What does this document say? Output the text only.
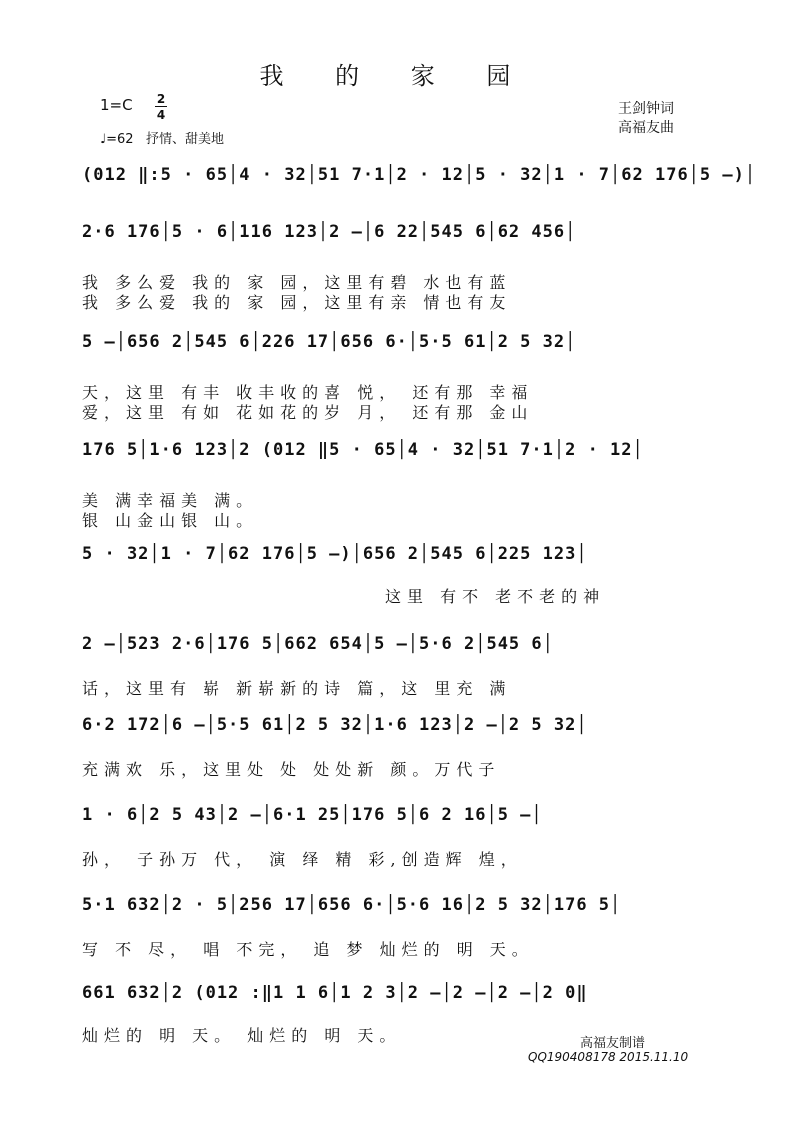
我 的 家 园
1=C 2
4
♩=62   抒情、甜美地
王剑钟词
高福友曲
(012 ‖:5 · 65│4 · 32│51 7·1│2 · 12│5 · 32│1 · 7│62 176│5 –)│
2·6 176│5 · 6│116 123│2 –│6 22│545 6│62 456│
我 多么爱 我的 家 园，这里有碧 水也有蓝
我 多么爱 我的 家 园，这里有亲 情也有友
5 –│656 2│545 6│226 17│656 6·│5·5 61│2 5 32│
天，这里 有丰 收丰收的喜 悦， 还有那 幸福
爱，这里 有如 花如花的岁 月， 还有那 金山
176 5│1·6 123│2 (012 ‖5 · 65│4 · 32│51 7·1│2 · 12│
美 满幸福美 满。
银 山金山银 山。
5 · 32│1 · 7│62 176│5 –)│656 2│545 6│225 123│
这里 有不 老不老的神
2 –│523 2·6│176 5│662 654│5 –│5·6 2│545 6│
话，这里有 崭 新崭新的诗 篇，这 里充 满
6·2 172│6 –│5·5 61│2 5 32│1·6 123│2 –│2 5 32│
充满欢 乐，这里处 处 处处新 颜。万代子
1 · 6│2 5 43│2 –│6·1 25│176 5│6 2 16│5 –│
孙， 子孙万 代， 演 绎 精 彩,创造辉 煌，
5·1 632│2 · 5│256 17│656 6·│5·6 16│2 5 32│176 5│
写 不 尽， 唱 不完， 追 梦 灿烂的 明 天。
661 632│2 (012 :‖1 1 6│1 2 3│2 –│2 –│2 –│2 0‖
灿烂的 明 天。 灿烂的 明 天。	高福友制谱
QQ190408178 2015.11.10
